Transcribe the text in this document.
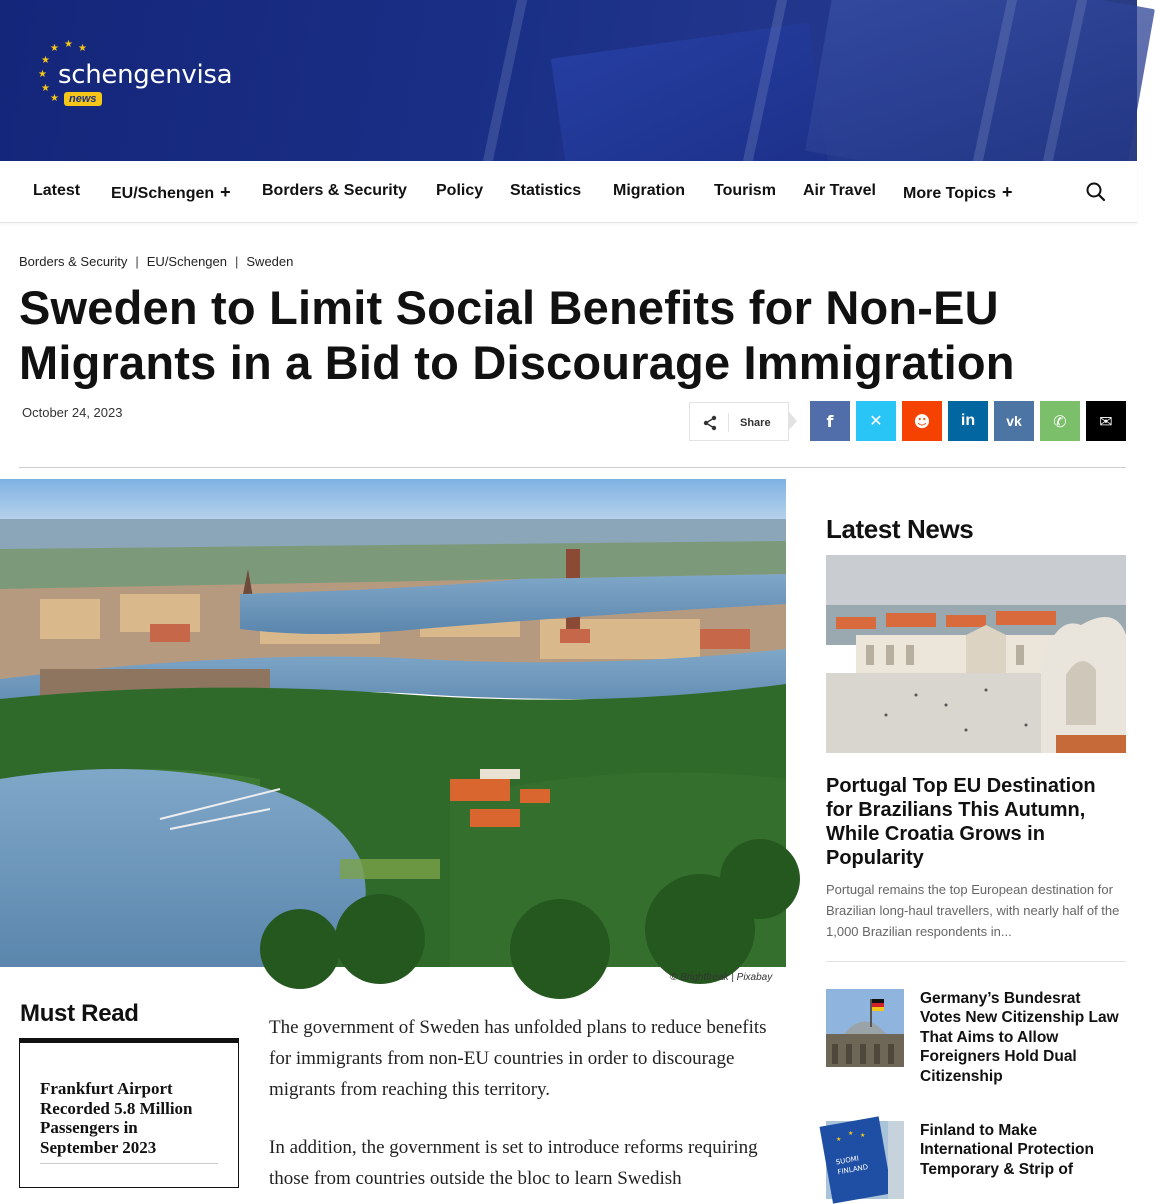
★ ★ ★
★
★
★
★
schengenvisa
news
Latest EU/Schengen + Borders & Security Policy Statistics Migration Tourism Air Travel More Topics +
Borders & Security | EU/Schengen | Sweden
Sweden to Limit Social Benefits for Non-EU Migrants in a Bid to Discourage Immigration
October 24, 2023
Share	f ✕ ☻ in vk ✆ ✉
© Brightfreak | Pixabay
Must Read
Frankfurt Airport Recorded 5.8 Million Passengers in September 2023

The government of Sweden has unfolded plans to reduce benefits for immigrants from non-EU countries in order to discourage migrants from reaching this territory.

In addition, the government is set to introduce reforms requiring those from countries outside the bloc to learn Swedish

Latest News
Portugal Top EU Destination for Brazilians This Autumn, While Croatia Grows in Popularity
Portugal remains the top European destination for Brazilian long-haul travellers, with nearly half of the 1,000 Brazilian respondents in...
Germany’s Bundesrat Votes New Citizenship Law That Aims to Allow Foreigners Hold Dual Citizenship
★
★ ★
SUOMI
FINLAND
Finland to Make International Protection Temporary & Strip of
